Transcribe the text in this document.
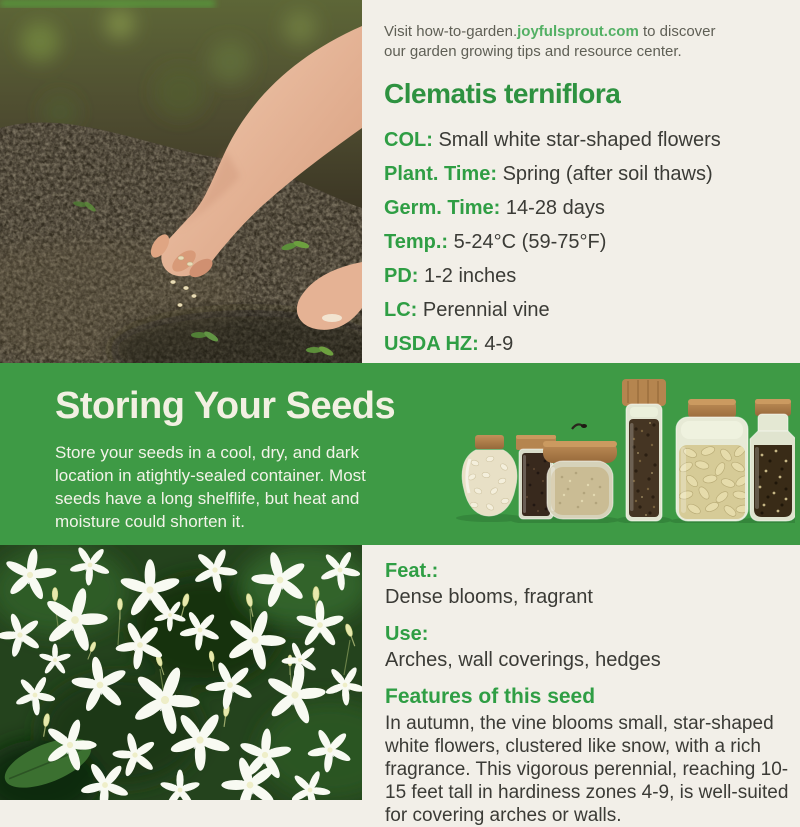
Visit how-to-garden.joyfulsprout.com to discover our garden growing tips and resource center.

Clematis terniflora
COL: Small white star-shaped flowers
Plant. Time: Spring (after soil thaws)
Germ. Time: 14-28 days
Temp.: 5-24°C (59-75°F)
PD: 1-2 inches
LC: Perennial vine
USDA HZ: 4-9
Storing Your Seeds

Store your seeds in a cool, dry, and dark location in atightly-sealed container. Most seeds have a long shelflife, but heat and moisture could shorten it.

Feat.:
Dense blooms, fragrant
Use:
Arches, wall coverings, hedges
Features of this seed

In autumn, the vine blooms small, star-shaped white flowers, clustered like snow, with a rich fragrance. This vigorous perennial, reaching 10-15 feet tall in hardiness zones 4-9, is well-suited for covering arches or walls.
